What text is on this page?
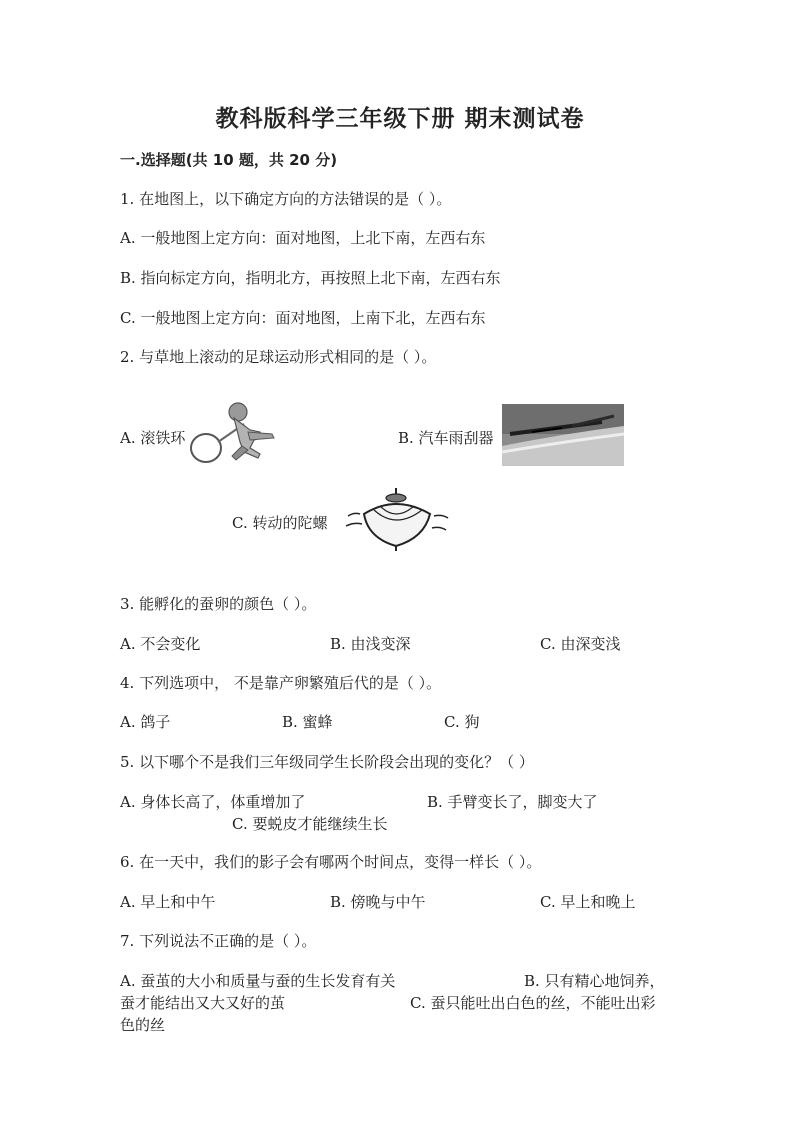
教科版科学三年级下册 期末测试卷
一.选择题(共 10 题，共 20 分)
1. 在地图上，以下确定方向的方法错误的是（ ）。
A. 一般地图上定方向：面对地图，上北下南，左西右东
B. 指向标定方向，指明北方，再按照上北下南，左西右东
C. 一般地图上定方向：面对地图，上南下北，左西右东
2. 与草地上滚动的足球运动形式相同的是（ ）。
A. 滚铁环	B. 汽车雨刮器
C. 转动的陀螺
3. 能孵化的蚕卵的颜色（ ）。
A. 不会变化	B. 由浅变深	C. 由深变浅
4. 下列选项中， 不是靠产卵繁殖后代的是（ ）。
A. 鸽子	B. 蜜蜂	C. 狗
5. 以下哪个不是我们三年级同学生长阶段会出现的变化？（ ）
A. 身体长高了，体重增加了	B. 手臂变长了，脚变大了
C. 要蜕皮才能继续生长
6. 在一天中，我们的影子会有哪两个时间点，变得一样长（ ）。
A. 早上和中午	B. 傍晚与中午	C. 早上和晚上
7. 下列说法不正确的是（ ）。
A. 蚕茧的大小和质量与蚕的生长发育有关	B. 只有精心地饲养，
蚕才能结出又大又好的茧	C. 蚕只能吐出白色的丝，不能吐出彩
色的丝
